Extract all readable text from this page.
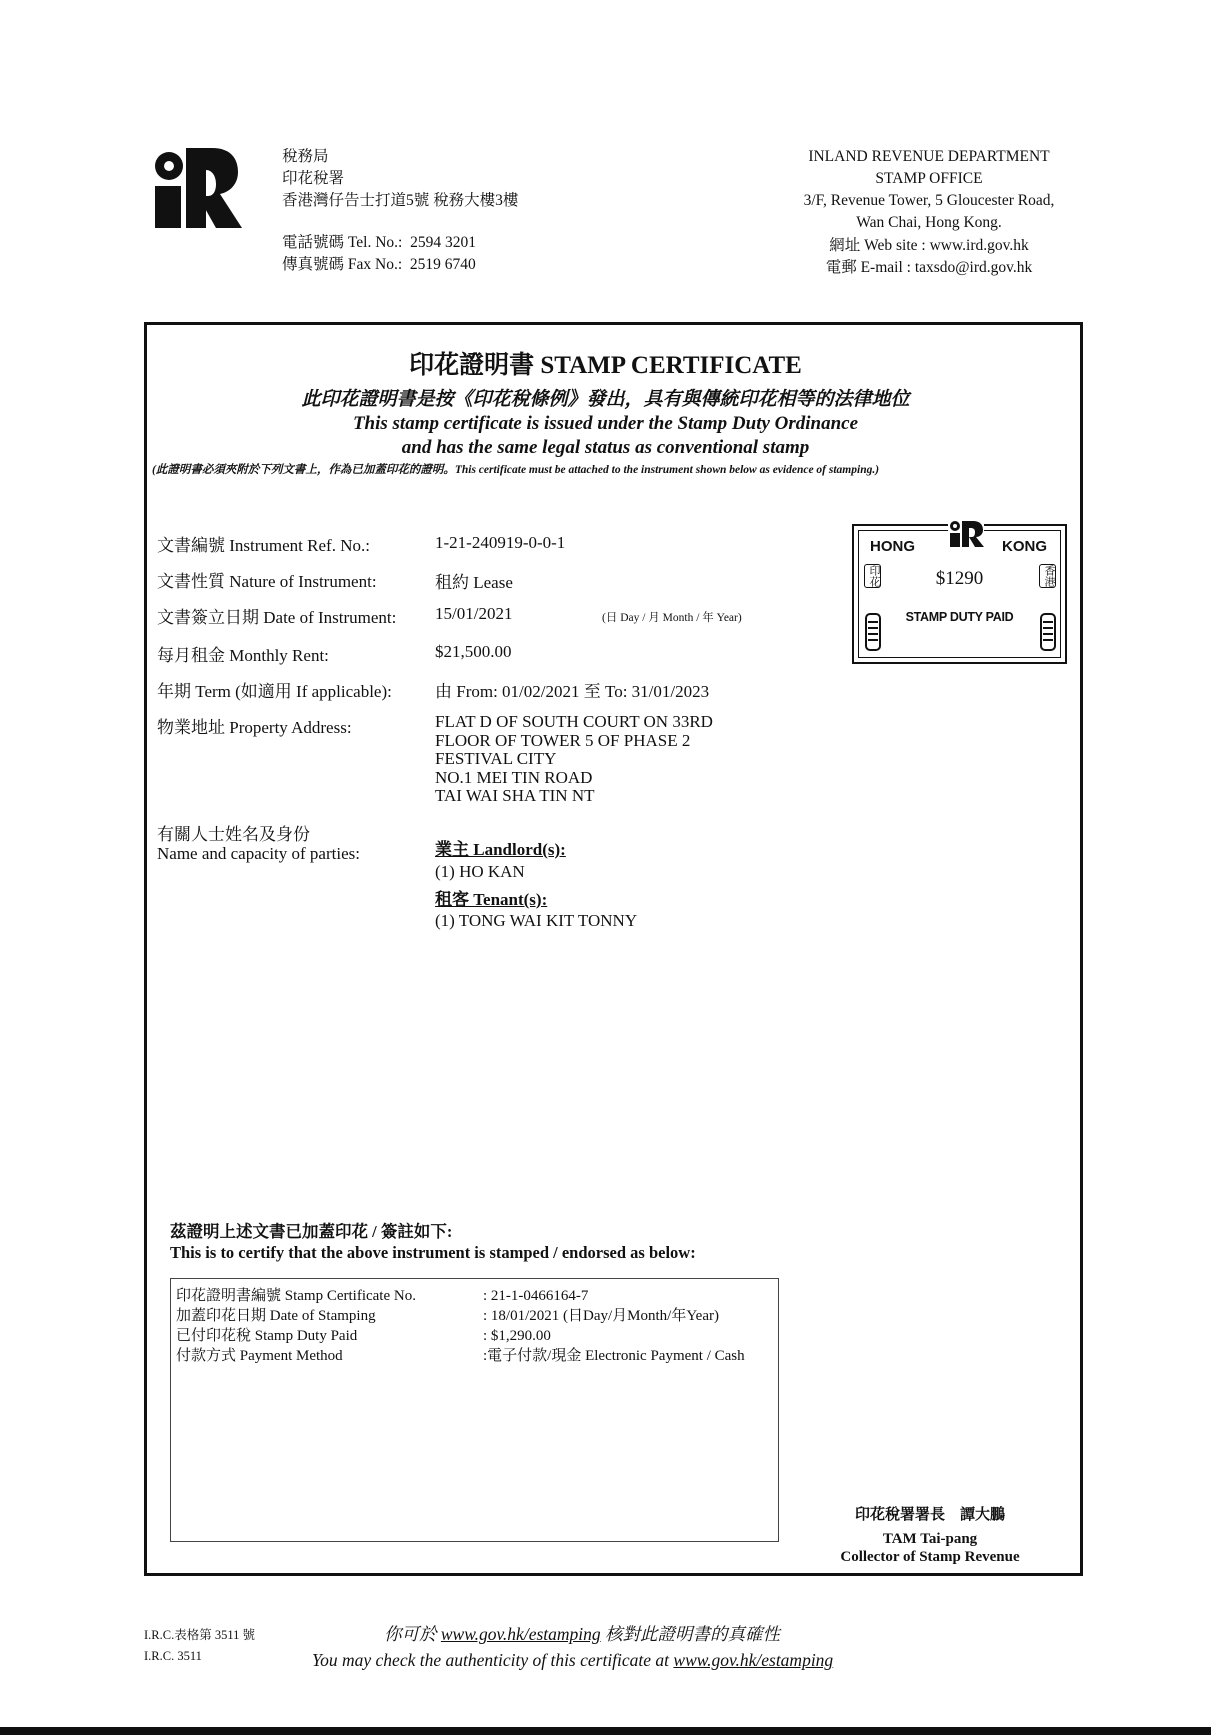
稅務局
印花稅署
香港灣仔告士打道5號 稅務大樓3樓
電話號碼 Tel. No.: 2594 3201
傳真號碼 Fax No.: 2519 6740
INLAND REVENUE DEPARTMENT
STAMP OFFICE
3/F, Revenue Tower, 5 Gloucester Road,
Wan Chai, Hong Kong.
網址 Web site : www.ird.gov.hk
電郵 E-mail : taxsdo@ird.gov.hk
印花證明書 STAMP CERTIFICATE
此印花證明書是按《印花稅條例》發出，具有與傳統印花相等的法律地位
This stamp certificate is issued under the Stamp Duty Ordinance
and has the same legal status as conventional stamp
(此證明書必須夾附於下列文書上，作為已加蓋印花的證明。This certificate must be attached to the instrument shown below as evidence of stamping.)
文書編號 Instrument Ref. No.:	1-21-240919-0-0-1
文書性質 Nature of Instrument:	租約 Lease
文書簽立日期 Date of Instrument: 15/01/2021	(日 Day / 月 Month / 年 Year)
每月租金 Monthly Rent:	$21,500.00
年期 Term (如適用 If applicable):	由 From: 01/02/2021 至 To: 31/01/2023
物業地址 Property Address:	FLAT D OF SOUTH COURT ON 33RD
FLOOR OF TOWER 5 OF PHASE 2
FESTIVAL CITY
NO.1 MEI TIN ROAD
TAI WAI SHA TIN NT
有關人士姓名及身份
Name and capacity of parties:	業主 Landlord(s):
(1) HO KAN
租客 Tenant(s):
(1) TONG WAI KIT TONNY
HONG	KONG
$1290
STAMP DUTY PAID
印花	香港
茲證明上述文書已加蓋印花 / 簽註如下:
This is to certify that the above instrument is stamped / endorsed as below:
印花證明書編號 Stamp Certificate No.	: 21-1-0466164-7
加蓋印花日期 Date of Stamping	: 18/01/2021 (日Day/月Month/年Year)
已付印花稅 Stamp Duty Paid	: $1,290.00
付款方式 Payment Method	:電子付款/現金 Electronic Payment / Cash
印花稅署署長　譚大鵬
TAM Tai-pang
Collector of Stamp Revenue
I.R.C.表格第 3511 號
I.R.C. 3511
你可於 www.gov.hk/estamping 核對此證明書的真確性
You may check the authenticity of this certificate at www.gov.hk/estamping
